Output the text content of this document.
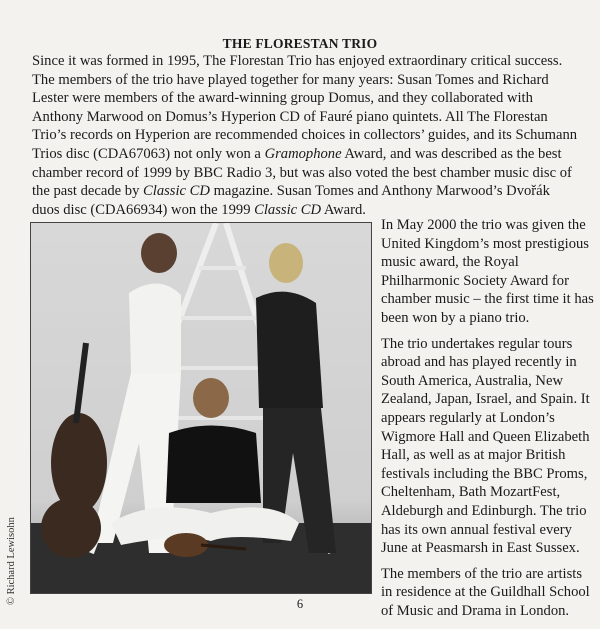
THE FLORESTAN TRIO

Since it was formed in 1995, The Florestan Trio has enjoyed extraordinary critical success. The members of the trio have played together for many years: Susan Tomes and Richard Lester were members of the award-winning group Domus, and they collaborated with Anthony Marwood on Domus’s Hyperion CD of Fauré piano quintets. All The Florestan Trio’s records on Hyperion are recommended choices in collectors’ guides, and its Schumann Trios disc (CDA67063) not only won a Gramophone Award, and was described as the best chamber record of 1999 by BBC Radio 3, but was also voted the best chamber music disc of the past decade by Classic CD magazine. Susan Tomes and Anthony Marwood’s Dvořák duos disc (CDA66934) won the 1999 Classic CD Award.

© Richard Lewisohn

In May 2000 the trio was given the United Kingdom’s most prestigious music award, the Royal Philharmonic Society Award for chamber music – the first time it has been won by a piano trio.

The trio undertakes regular tours abroad and has played recently in South America, Australia, New Zealand, Japan, Israel, and Spain. It appears regularly at London’s Wigmore Hall and Queen Elizabeth Hall, as well as at major British festivals including the BBC Proms, Cheltenham, Bath MozartFest, Aldeburgh and Edinburgh. The trio has its own annual festival every June at Peasmarsh in East Sussex.

The members of the trio are artists in residence at the Guildhall School of Music and Drama in London.

6
